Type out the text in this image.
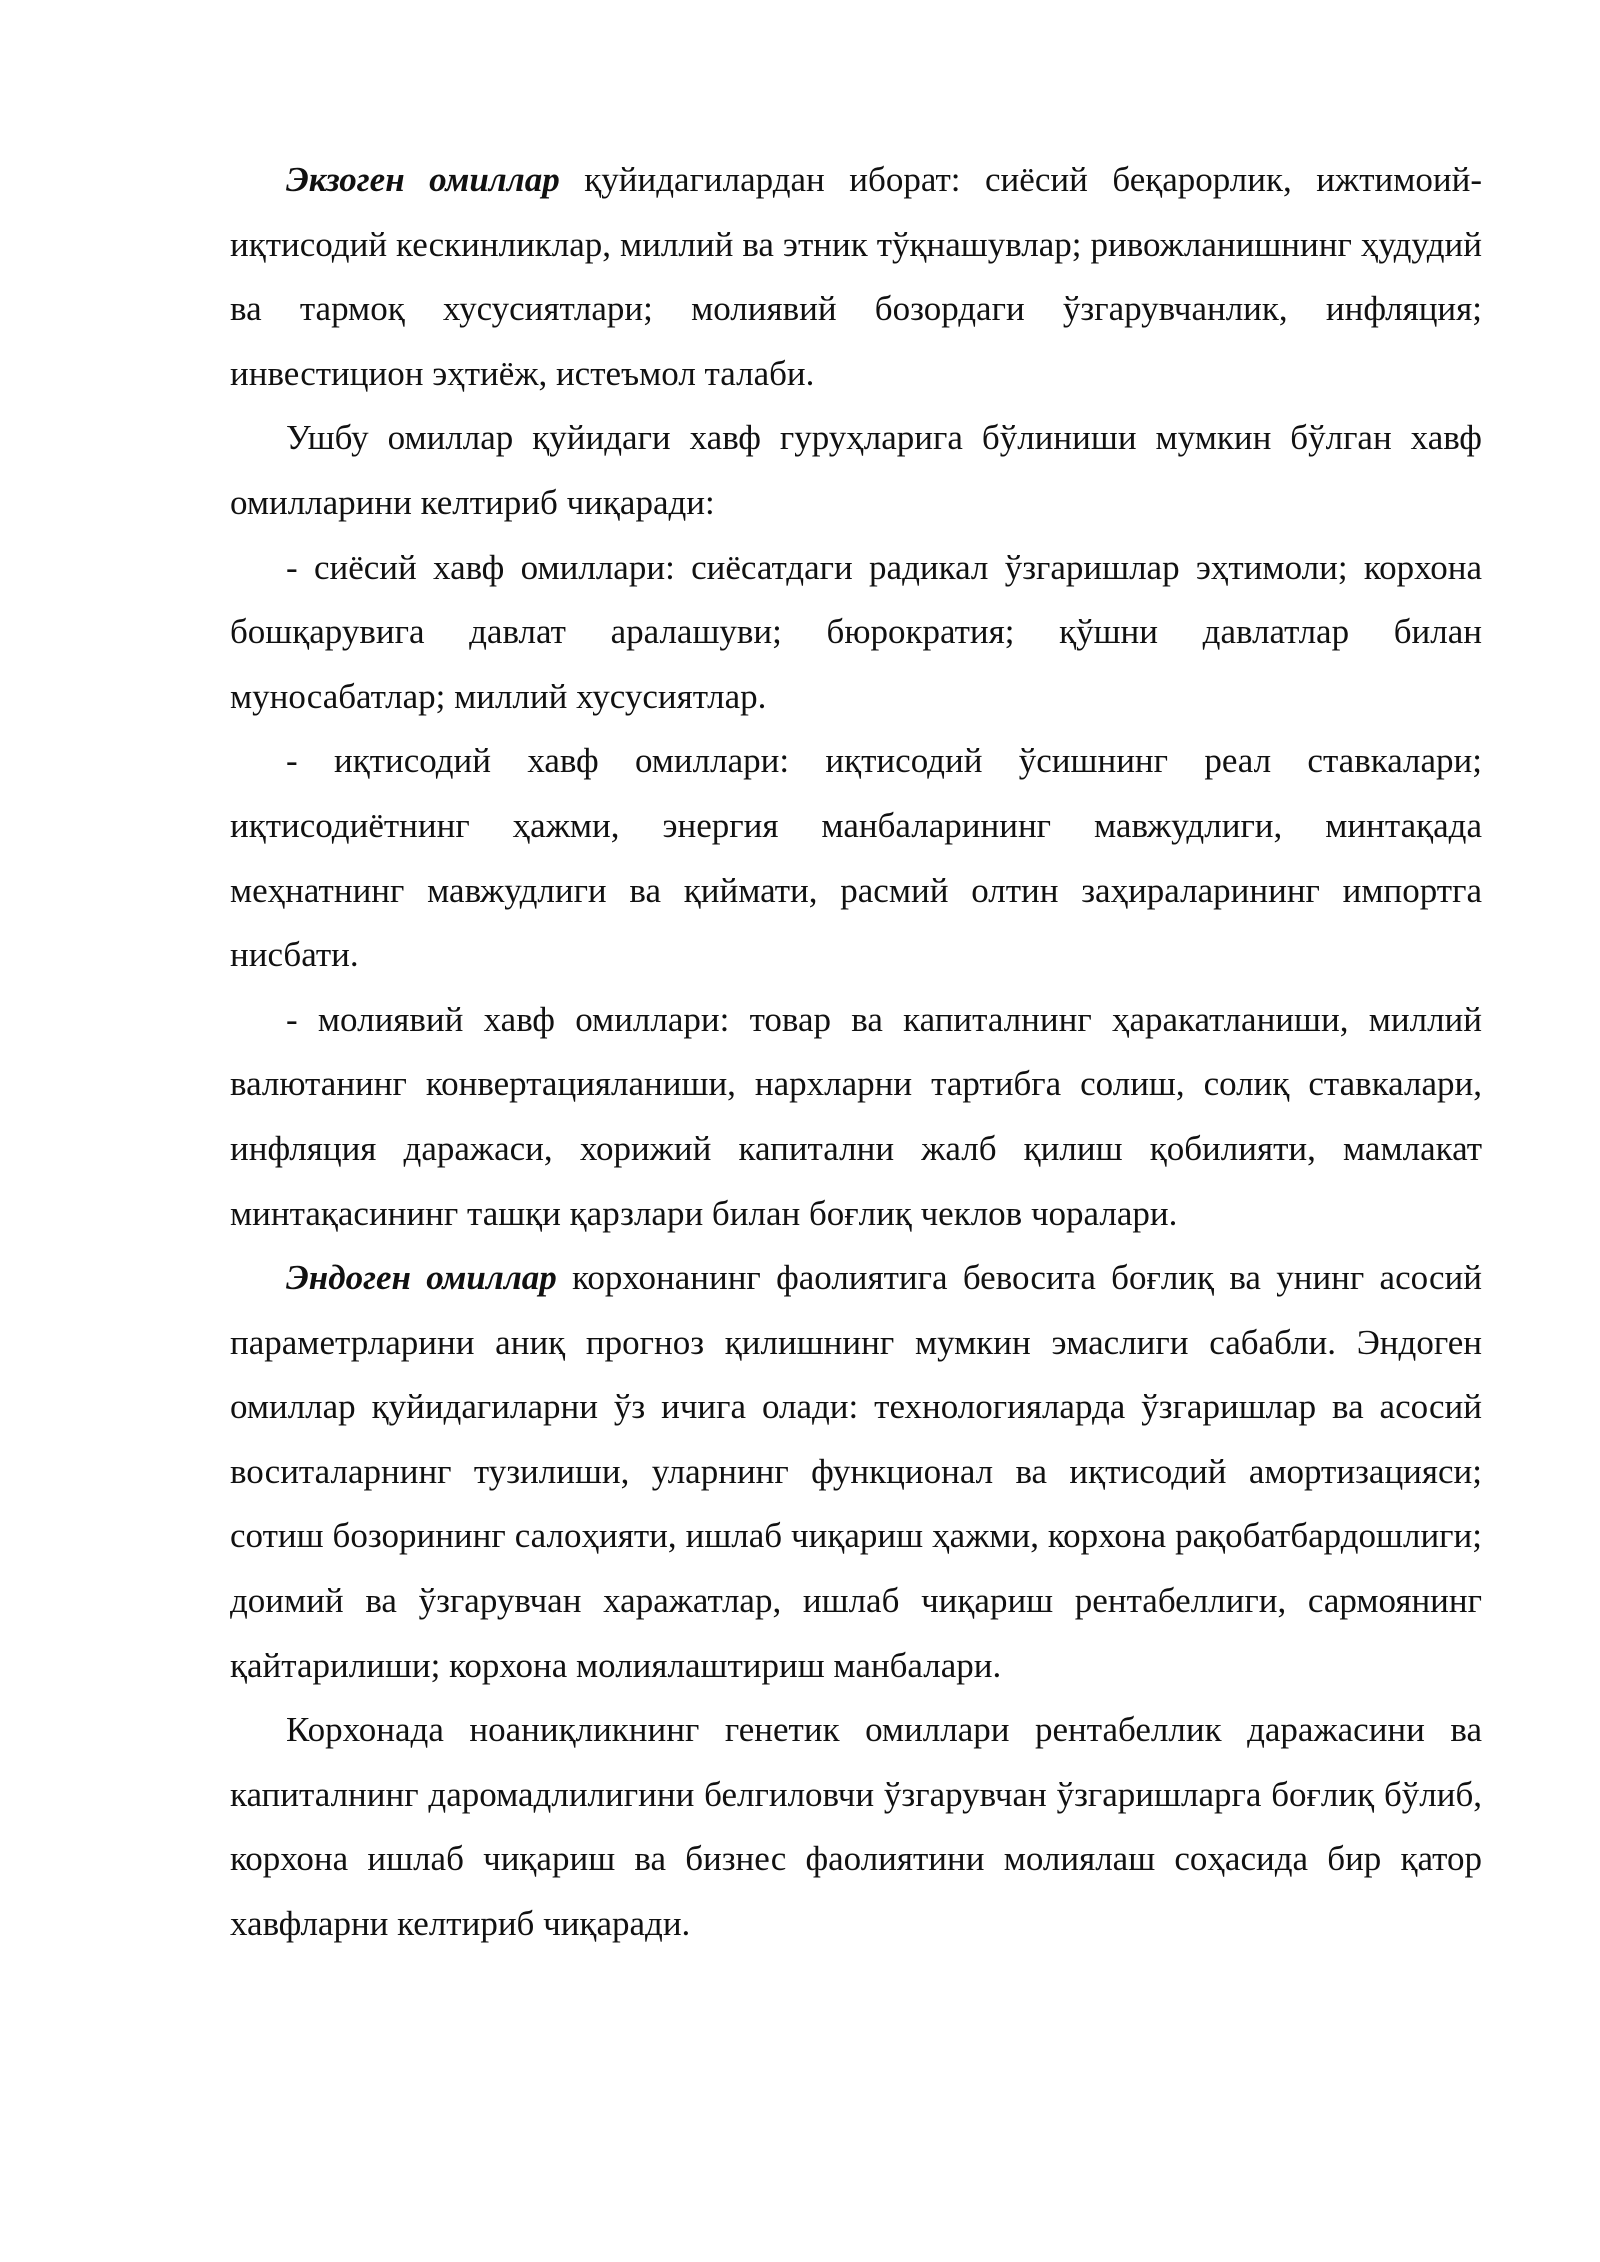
Экзоген омиллар қуйидагилардан иборат: сиёсий беқарорлик, ижтимоий-иқтисодий кескинликлар, миллий ва этник тўқнашувлар; ривожланишнинг ҳудудий ва тармоқ хусусиятлари; молиявий бозордаги ўзгарувчанлик, инфляция; инвестицион эҳтиёж, истеъмол талаби.

Ушбу омиллар қуйидаги хавф гуруҳларига бўлиниши мумкин бўлган хавф омилларини келтириб чиқаради:

- сиёсий хавф омиллари: сиёсатдаги радикал ўзгаришлар эҳтимоли; корхона бошқарувига давлат аралашуви; бюрократия; қўшни давлатлар билан муносабатлар; миллий хусусиятлар.

- иқтисодий хавф омиллари: иқтисодий ўсишнинг реал ставкалари; иқтисодиётнинг ҳажми, энергия манбаларининг мавжудлиги, минтақада меҳнатнинг мавжудлиги ва қиймати, расмий олтин заҳираларининг импортга нисбати.

- молиявий хавф омиллари: товар ва капиталнинг ҳаракатланиши, миллий валютанинг конвертацияланиши, нархларни тартибга солиш, солиқ ставкалари, инфляция даражаси, хорижий капитални жалб қилиш қобилияти, мамлакат минтақасининг ташқи қарзлари билан боғлиқ чеклов чоралари.

Эндоген омиллар корхонанинг фаолиятига бевосита боғлиқ ва унинг асосий параметрларини аниқ прогноз қилишнинг мумкин эмаслиги сабабли. Эндоген омиллар қуйидагиларни ўз ичига олади: технологияларда ўзгаришлар ва асосий воситаларнинг тузилиши, уларнинг функционал ва иқтисодий амортизацияси; сотиш бозорининг салоҳияти, ишлаб чиқариш ҳажми, корхона рақобатбардошлиги; доимий ва ўзгарувчан харажатлар, ишлаб чиқариш рентабеллиги, сармоянинг қайтарилиши; корхона молиялаштириш манбалари.

Корхонада ноаниқликнинг генетик омиллари рентабеллик даражасини ва капиталнинг даромадлилигини белгиловчи ўзгарувчан ўзгаришларга боғлиқ бўлиб, корхона ишлаб чиқариш ва бизнес фаолиятини молиялаш соҳасида бир қатор хавфларни келтириб чиқаради.
